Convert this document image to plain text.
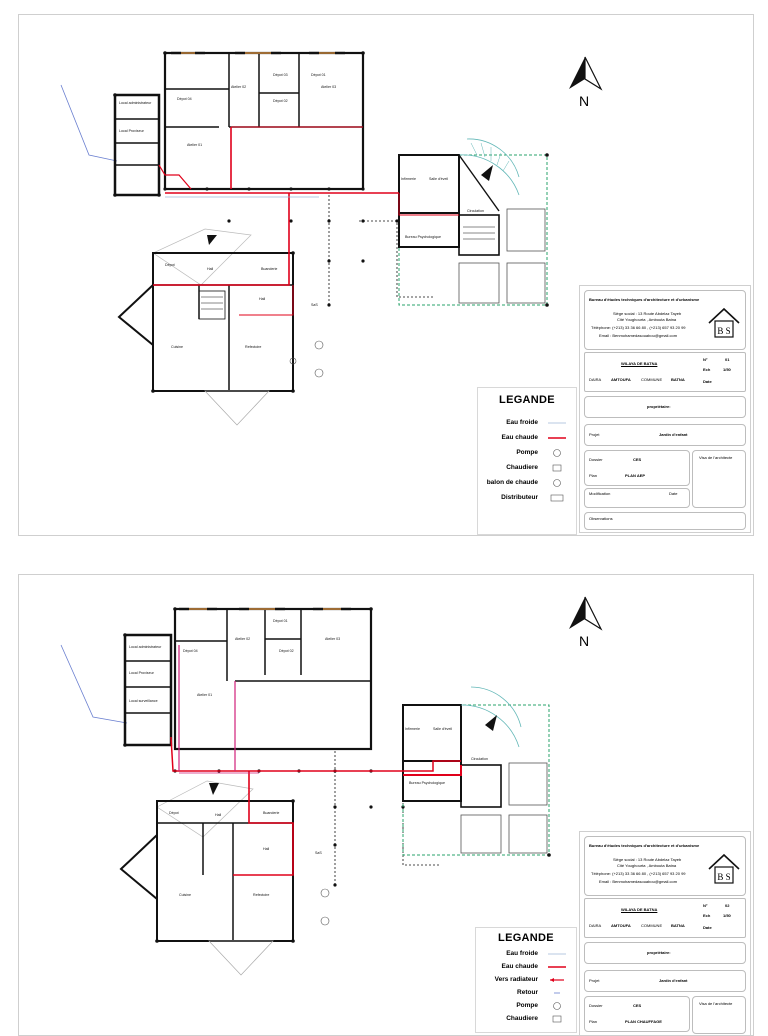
Dépot 01
Atelier 02
Dépot 02
Dépot 03
Atelier 03
Dépot 04
Atelier 01
Local administrateur
Local Proviseur
Dépot
Hall	Buanderie
Hall
Cuisine	Refectoire
SaS
Infirmerie	Salle d'éveil
Circulation
Bureau Psychologique
N
LEGANDE
Eau froide
Eau chaude
Pompe
Chaudiere
balon de chaude
Distributeur
Bureau d'études techniques d'architecture et d'urbanisme
Siège social : 13 Route Abdelaz Tayeb
Cité Youghourta , Ambouta Batna
Téléphone: (+213) 33 36 66 80 , (+213) 657 93 20 99
Email : Benmohamedasouabou@gmail.com	B S
WILAYA DE BATNA
DAIRA AMTOUFA	COMMUNE BATNA
N°	01
Ech	1/50
Date
propriétaire:
Projet	Jardin d'enfant
Dossier	CES
Plan	PLAN AEP
Visa de l'architecte
Modification	Date
Observations
Dépot 01
Atelier 02
Dépot 02
Atelier 03
Dépot 04
Atelier 01
Local administrateur
Local Proviseur
Local surveillance
Dépot	Hall	Buanderie
Hall
Cuisine	Refectoire
SaS
Infirmerie	Salle d'éveil
Circulation
Bureau Psychologique
N
LEGANDE
Eau froide
Eau chaude
Vers radiateur
Retour
Pompe
Chaudiere
Bureau d'études techniques d'architecture et d'urbanisme
Siège social : 13 Route Abdelaz Tayeb
Cité Youghourta , Ambouta Batna
Téléphone: (+213) 33 36 66 80 , (+213) 657 93 20 99
Email : Benmohamedasouabou@gmail.com	B S
WILAYA DE BATNA
DAIRA AMTOUFA	COMMUNE BATNA
N°	02
Ech	1/50
Date
propriétaire:
Projet	Jardin d'enfant
Dossier	CES
Plan	PLAN CHAUFFAGE
Visa de l'architecte
